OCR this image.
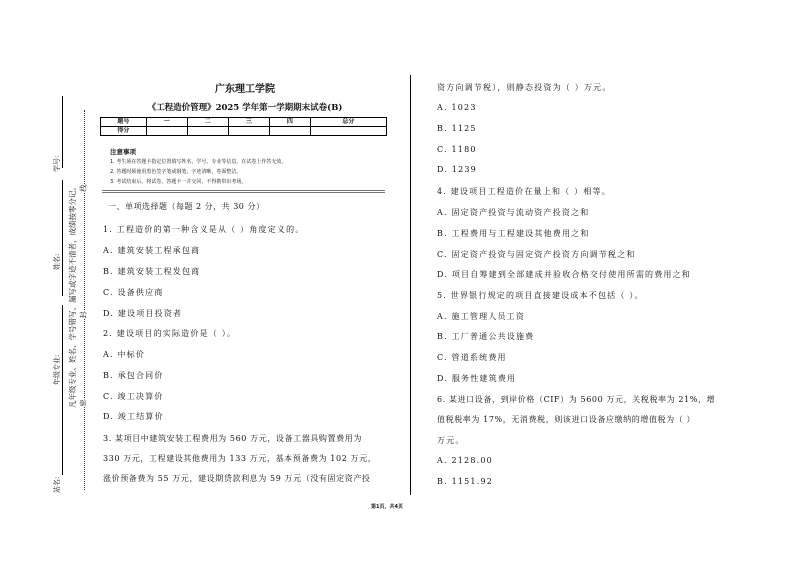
学号:
姓名:
年级专业:
站名:
凡年级专业、姓名、学号错写、漏写或字迹不清者，成绩按零分记。 密
封
线
广东理工学院
《工程造价管理》2025 学年第一学期期末试卷(B)
题号	一	二	三	四	总分
得分					
注意事项
1. 考生须在答题卡指定位置填写姓名、学号、专业等信息，在试卷上作答无效。
2. 答题时须使用黑色签字笔或钢笔，字迹清晰，卷面整洁。
3. 考试结束后，将试卷、答题卡一并交回，不得携带出考场。
一、单项选择题（每题 2 分，共 30 分）
1. 工程造价的第一种含义是从（ ）角度定义的。
A. 建筑安装工程承包商
B. 建筑安装工程发包商
C. 设备供应商
D. 建设项目投资者
2. 建设项目的实际造价是（ ）。
A. 中标价
B. 承包合同价
C. 竣工决算价
D. 竣工结算价
3. 某项目中建筑安装工程费用为 560 万元，设备工器具购置费用为
330 万元，工程建设其他费用为 133 万元，基本预备费为 102 万元，
涨价预备费为 55 万元，建设期贷款利息为 59 万元（没有固定资产投
资方向调节税），则静态投资为（ ）万元。
A. 1023
B. 1125
C. 1180
D. 1239
4. 建设项目工程造价在量上和（ ）相等。
A. 固定资产投资与流动资产投资之和
B. 工程费用与工程建设其他费用之和
C. 固定资产投资与固定资产投资方向调节税之和
D. 项目自筹建到全部建成并验收合格交付使用所需的费用之和
5. 世界银行规定的项目直接建设成本不包括（ ）。
A. 施工管理人员工资
B. 工厂普通公共设施费
C. 管道系统费用
D. 服务性建筑费用
6. 某进口设备，到岸价格（CIF）为 5600 万元，关税税率为 21%，增
值税税率为 17%，无消费税，则该进口设备应缴纳的增值税为（ ）
万元。
A. 2128.00
B. 1151.92
第1页，共4页
